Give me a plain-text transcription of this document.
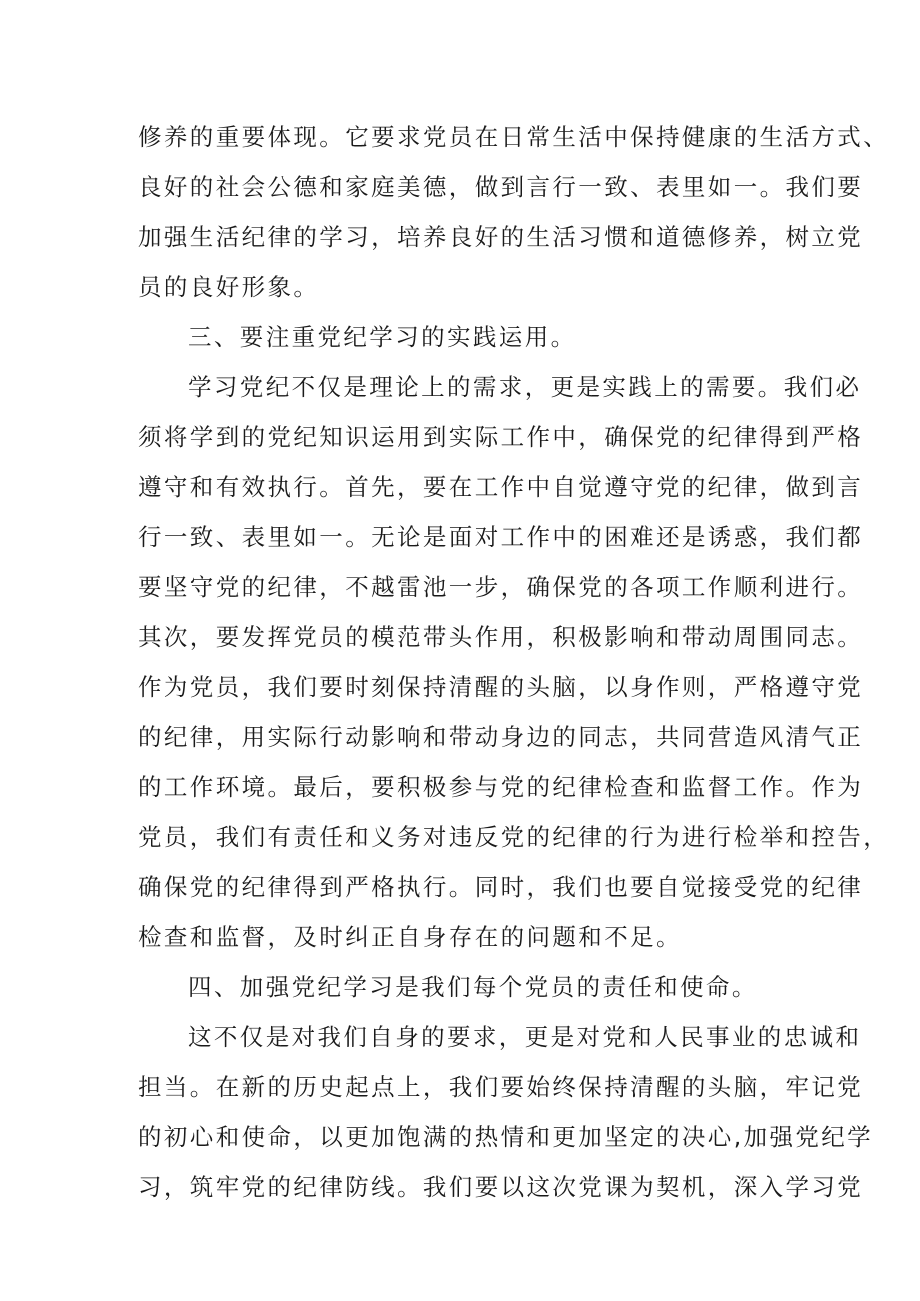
修养的重要体现。它要求党员在日常生活中保持健康的生活方式、
良好的社会公德和家庭美德，做到言行一致、表里如一。我们要
加强生活纪律的学习，培养良好的生活习惯和道德修养，树立党
员的良好形象。
三、要注重党纪学习的实践运用。
学习党纪不仅是理论上的需求，更是实践上的需要。我们必
须将学到的党纪知识运用到实际工作中，确保党的纪律得到严格
遵守和有效执行。首先，要在工作中自觉遵守党的纪律，做到言
行一致、表里如一。无论是面对工作中的困难还是诱惑，我们都
要坚守党的纪律，不越雷池一步，确保党的各项工作顺利进行。
其次，要发挥党员的模范带头作用，积极影响和带动周围同志。
作为党员，我们要时刻保持清醒的头脑，以身作则，严格遵守党
的纪律，用实际行动影响和带动身边的同志，共同营造风清气正
的工作环境。最后，要积极参与党的纪律检查和监督工作。作为
党员，我们有责任和义务对违反党的纪律的行为进行检举和控告，
确保党的纪律得到严格执行。同时，我们也要自觉接受党的纪律
检查和监督，及时纠正自身存在的问题和不足。
四、加强党纪学习是我们每个党员的责任和使命。
这不仅是对我们自身的要求，更是对党和人民事业的忠诚和
担当。在新的历史起点上，我们要始终保持清醒的头脑，牢记党
的初心和使命，以更加饱满的热情和更加坚定的决心,加强党纪学
习，筑牢党的纪律防线。我们要以这次党课为契机，深入学习党
